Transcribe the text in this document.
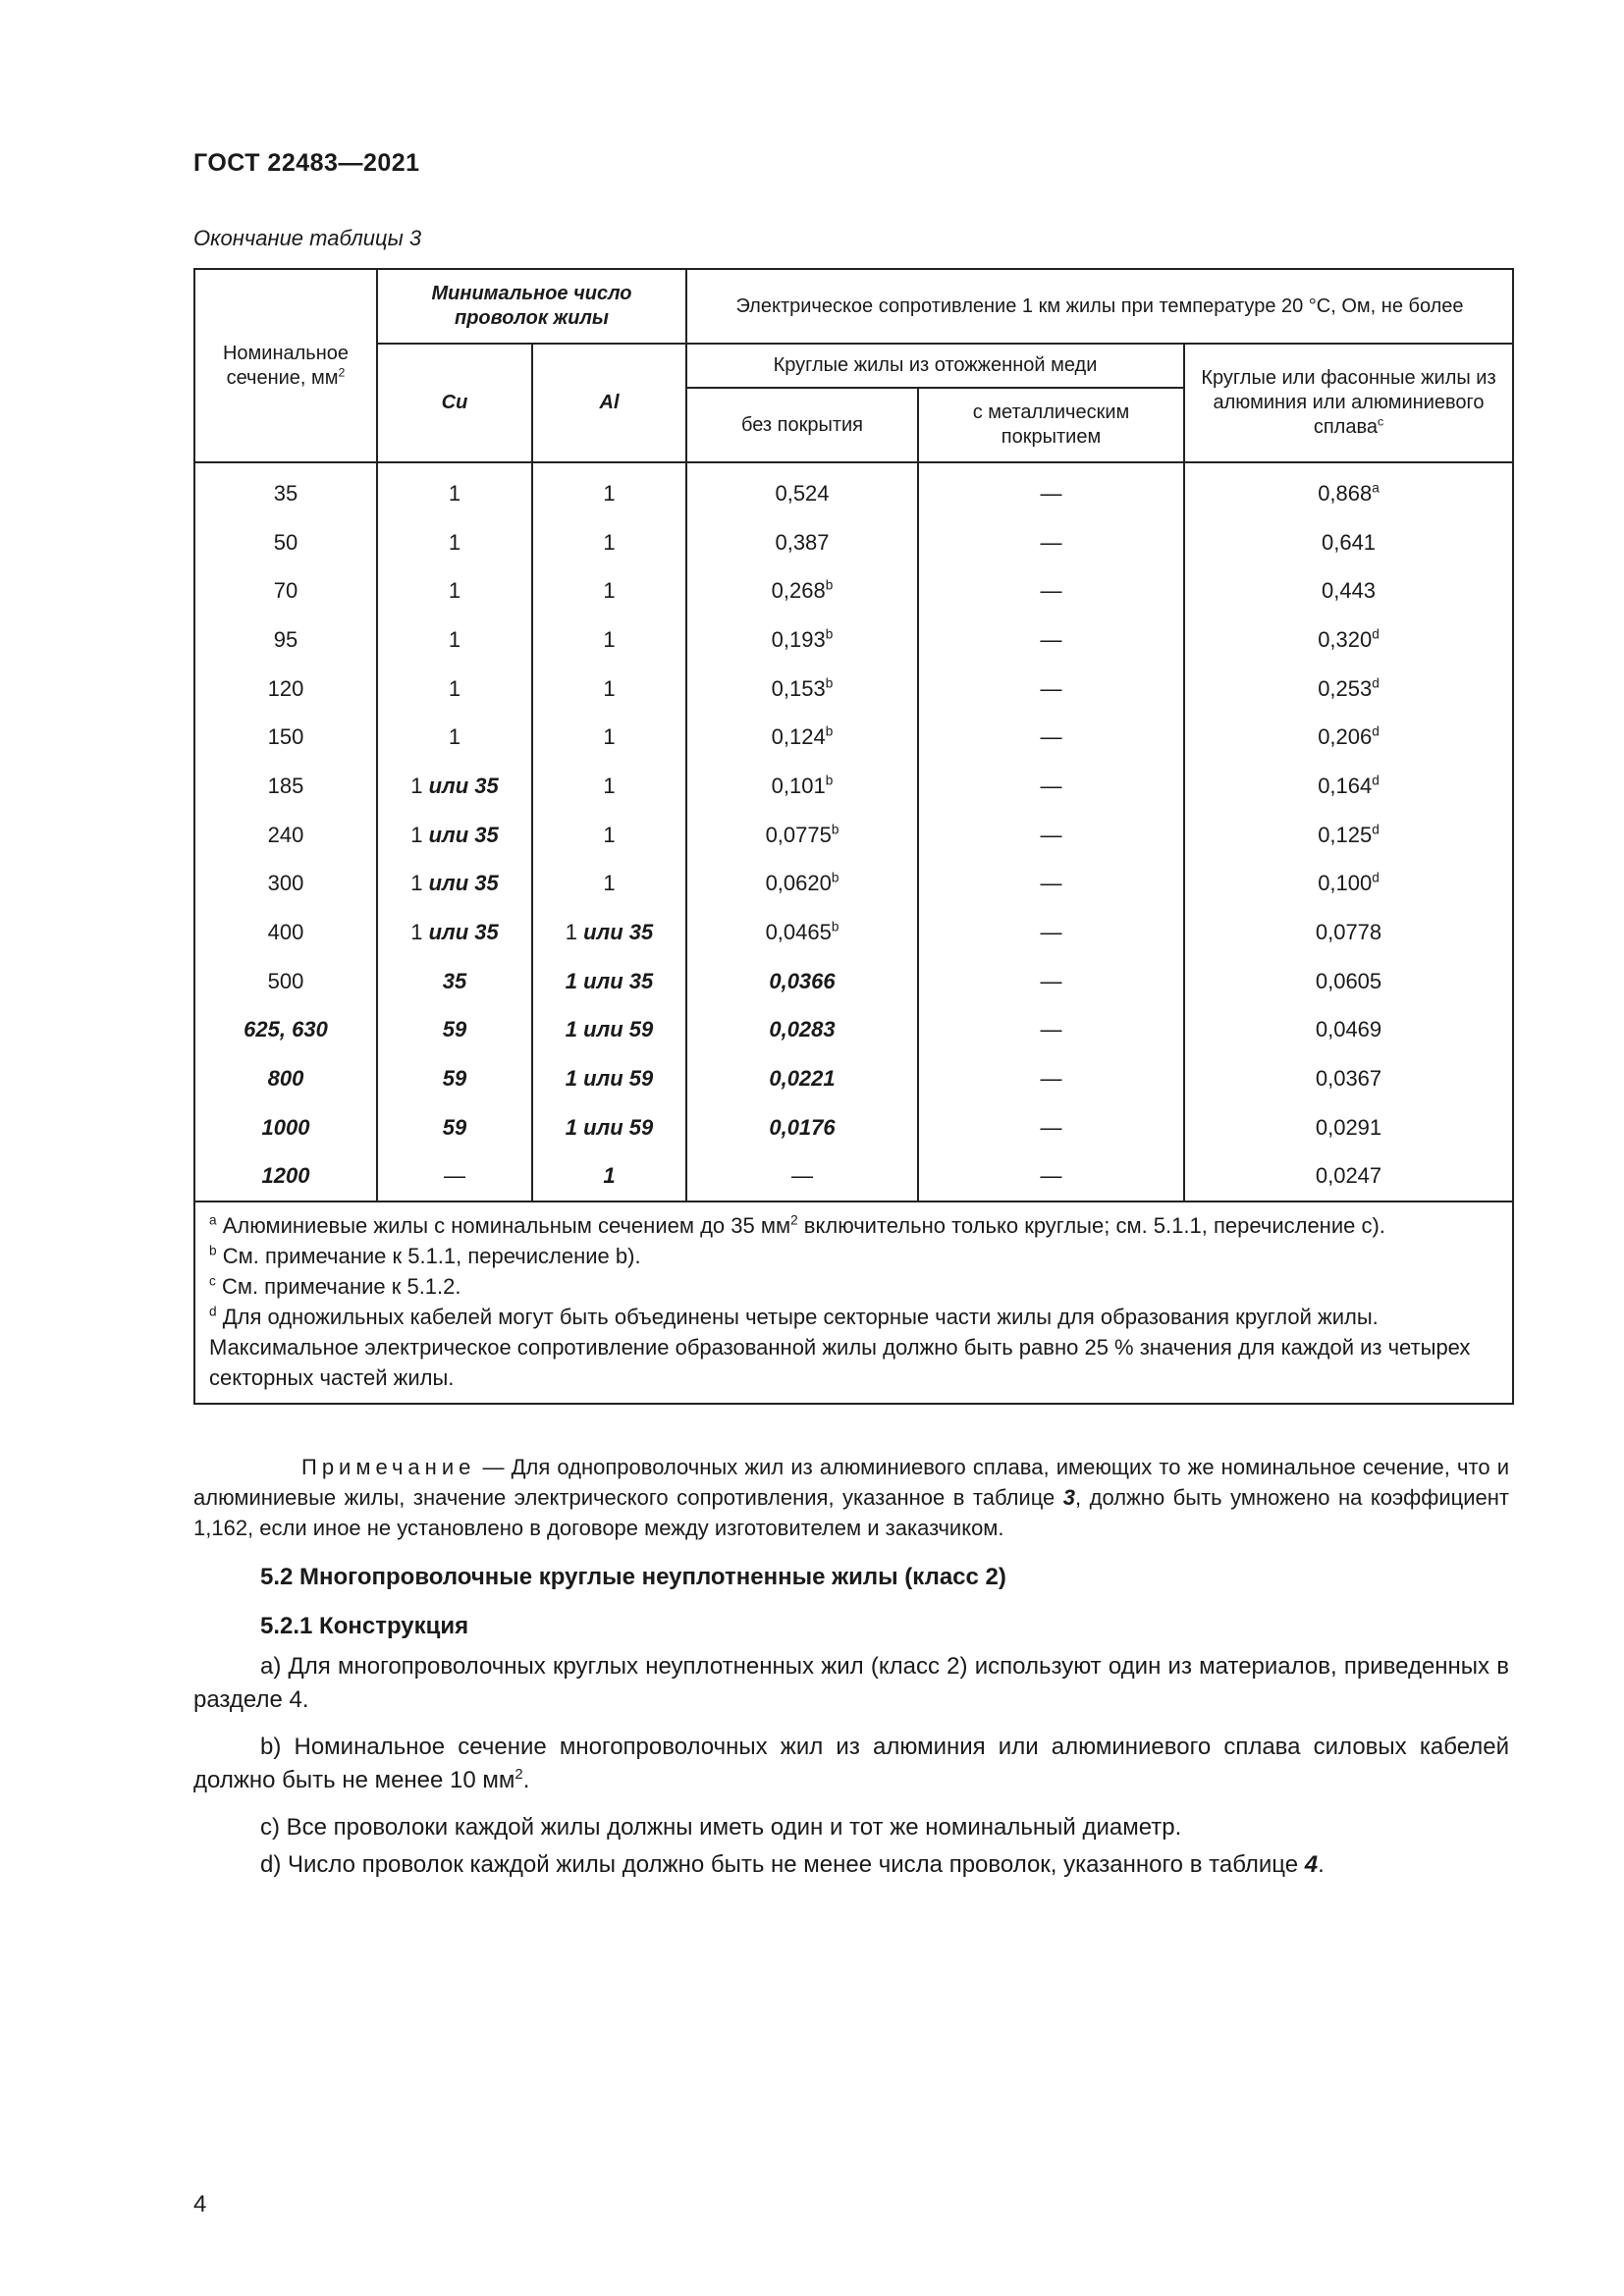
ГОСТ 22483—2021
Окончание таблицы 3
Номинальное сечение, $мм^2$	Минимальное число проволок жилы		Электрическое сопротивление 1 км жилы при температуре 20 °C, Ом, не более		
	Cu	Al	Круглые жилы из отожженной меди		Круглые или фасонные жилы из алюминия или алюминиевого сплава$^c$
			без покрытия	с металлическим покрытием	
35	1	1	0,524	—	0,868$^a$
50	1	1	0,387	—	0,641
70	1	1	0,268$^b$	—	0,443
95	1	1	0,193$^b$	—	0,320$^d$
120	1	1	0,153$^b$	—	0,253$^d$
150	1	1	0,124$^b$	—	0,206$^d$
185	1 или 35	1	0,101$^b$	—	0,164$^d$
240	1 или 35	1	0,0775$^b$	—	0,125$^d$
300	1 или 35	1	0,0620$^b$	—	0,100$^d$
400	1 или 35	1 или 35	0,0465$^b$	—	0,0778
500	35	1 или 35	0,0366	—	0,0605
625, 630	59	1 или 59	0,0283	—	0,0469
800	59	1 или 59	0,0221	—	0,0367
1000	59	1 или 59	0,0176	—	0,0291
1200	—	1	—	—	0,0247

$^a$ Алюминиевые жилы с номинальным сечением до 35 $мм^2$ включительно только круглые; см. 5.1.1, перечисление c).
$^b$ См. примечание к 5.1.1, перечисление b).
$^c$ См. примечание к 5.1.2.
$^d$ Для одножильных кабелей могут быть объединены четыре секторные части жилы для образования круглой жилы. Максимальное электрическое сопротивление образованной жилы должно быть равно 25 % значения для каждой из четырех секторных частей жилы.					
Примечание — Для однопроволочных жил из алюминиевого сплава, имеющих то же номинальное сечение, что и алюминиевые жилы, значение электрического сопротивления, указанное в таблице 3, должно быть умножено на коэффициент 1,162, если иное не установлено в договоре между изготовителем и заказчиком.
5.2 Многопроволочные круглые неуплотненные жилы (класс 2)
5.2.1 Конструкция
a) Для многопроволочных круглых неуплотненных жил (класс 2) используют один из материалов, приведенных в разделе 4.
b) Номинальное сечение многопроволочных жил из алюминия или алюминиевого сплава силовых кабелей должно быть не менее 10 $мм^2$.
c) Все проволоки каждой жилы должны иметь один и тот же номинальный диаметр.
d) Число проволок каждой жилы должно быть не менее числа проволок, указанного в таблице 4.
4
